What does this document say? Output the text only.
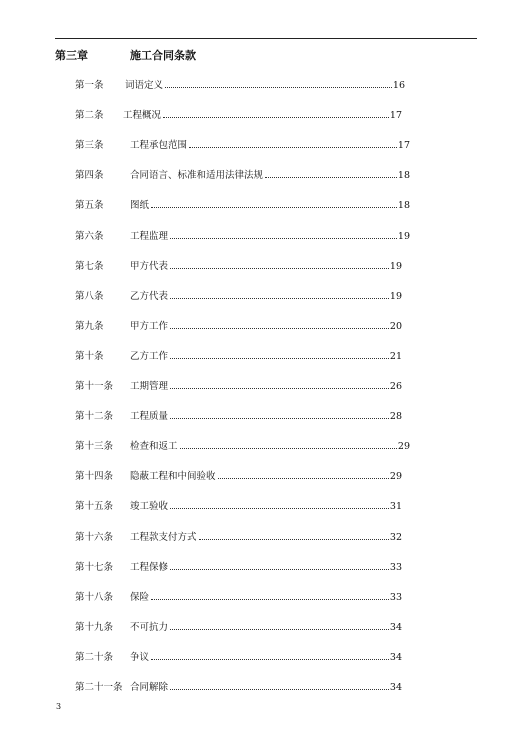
第三章	施工合同条款
第一条 词语定义	16
第二条 工程概况	17
第三条	工程承包范围	17
第四条	合同语言、标准和适用法律法规	18
第五条	图纸	18
第六条	工程监理	19
第七条	甲方代表	19
第八条	乙方代表	19
第九条	甲方工作	20
第十条	乙方工作	21
第十一条 工期管理	26
第十二条 工程质量	28
第十三条 检查和返工	29
第十四条 隐蔽工程和中间验收	29
第十五条 竣工验收	31
第十六条 工程款支付方式	32
第十七条 工程保修	33
第十八条 保险	33
第十九条 不可抗力	34
第二十条 争议	34
第二十一条 合同解除	34
3
